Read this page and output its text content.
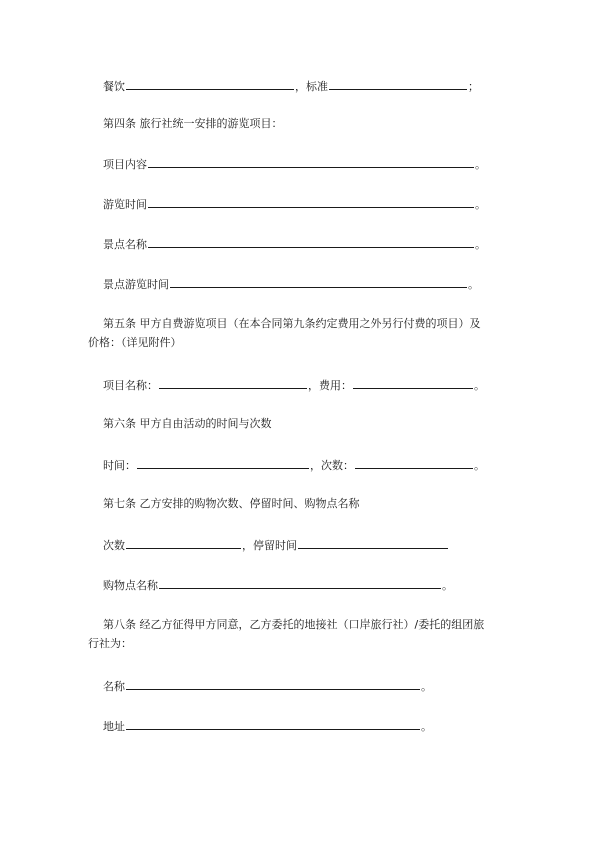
餐饮	，标准	；
第四条 旅行社统一安排的游览项目：
项目内容	。
游览时间	。
景点名称	。
景点游览时间	。
第五条 甲方自费游览项目（在本合同第九条约定费用之外另行付费的项目）及
价格：（详见附件）
项目名称：	，费用：	。
第六条 甲方自由活动的时间与次数
时间：	，次数：	。
第七条 乙方安排的购物次数、停留时间、购物点名称
次数	，停留时间
购物点名称	。
第八条 经乙方征得甲方同意，乙方委托的地接社（口岸旅行社）/委托的组团旅
行社为：
名称	。
地址	。
